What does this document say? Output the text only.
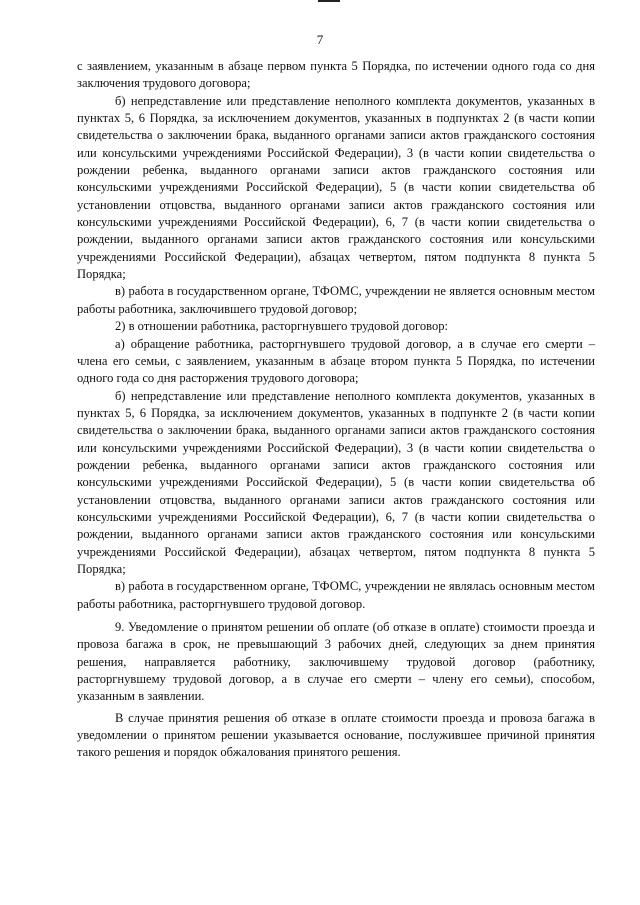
7

с заявлением, указанным в абзаце первом пункта 5 Порядка, по истечении одного года со дня заключения трудового договора;

б) непредставление или представление неполного комплекта документов, указанных в пунктах 5, 6 Порядка, за исключением документов, указанных в подпунктах 2 (в части копии свидетельства о заключении брака, выданного органами записи актов гражданского состояния или консульскими учреждениями Российской Федерации), 3 (в части копии свидетельства о рождении ребенка, выданного органами записи актов гражданского состояния или консульскими учреждениями Российской Федерации), 5 (в части копии свидетельства об установлении отцовства, выданного органами записи актов гражданского состояния или консульскими учреждениями Российской Федерации), 6, 7 (в части копии свидетельства о рождении, выданного органами записи актов гражданского состояния или консульскими учреждениями Российской Федерации), абзацах четвертом, пятом подпункта 8 пункта 5 Порядка;

в) работа в государственном органе, ТФОМС, учреждении не является основным местом работы работника, заключившего трудовой договор;

2) в отношении работника, расторгнувшего трудовой договор:

а) обращение работника, расторгнувшего трудовой договор, а в случае его смерти – члена его семьи, с заявлением, указанным в абзаце втором пункта 5 Порядка, по истечении одного года со дня расторжения трудового договора;

б) непредставление или представление неполного комплекта документов, указанных в пунктах 5, 6 Порядка, за исключением документов, указанных в подпункте 2 (в части копии свидетельства о заключении брака, выданного органами записи актов гражданского состояния или консульскими учреждениями Российской Федерации), 3 (в части копии свидетельства о рождении ребенка, выданного органами записи актов гражданского состояния или консульскими учреждениями Российской Федерации), 5 (в части копии свидетельства об установлении отцовства, выданного органами записи актов гражданского состояния или консульскими учреждениями Российской Федерации), 6, 7 (в части копии свидетельства о рождении, выданного органами записи актов гражданского состояния или консульскими учреждениями Российской Федерации), абзацах четвертом, пятом подпункта 8 пункта 5 Порядка;

в) работа в государственном органе, ТФОМС, учреждении не являлась основным местом работы работника, расторгнувшего трудовой договор.

9. Уведомление о принятом решении об оплате (об отказе в оплате) стоимости проезда и провоза багажа в срок, не превышающий 3 рабочих дней, следующих за днем принятия решения, направляется работнику, заключившему трудовой договор (работнику, расторгнувшему трудовой договор, а в случае его смерти – члену его семьи), способом, указанным в заявлении.

В случае принятия решения об отказе в оплате стоимости проезда и провоза багажа в уведомлении о принятом решении указывается основание, послужившее причиной принятия такого решения и порядок обжалования принятого решения.
